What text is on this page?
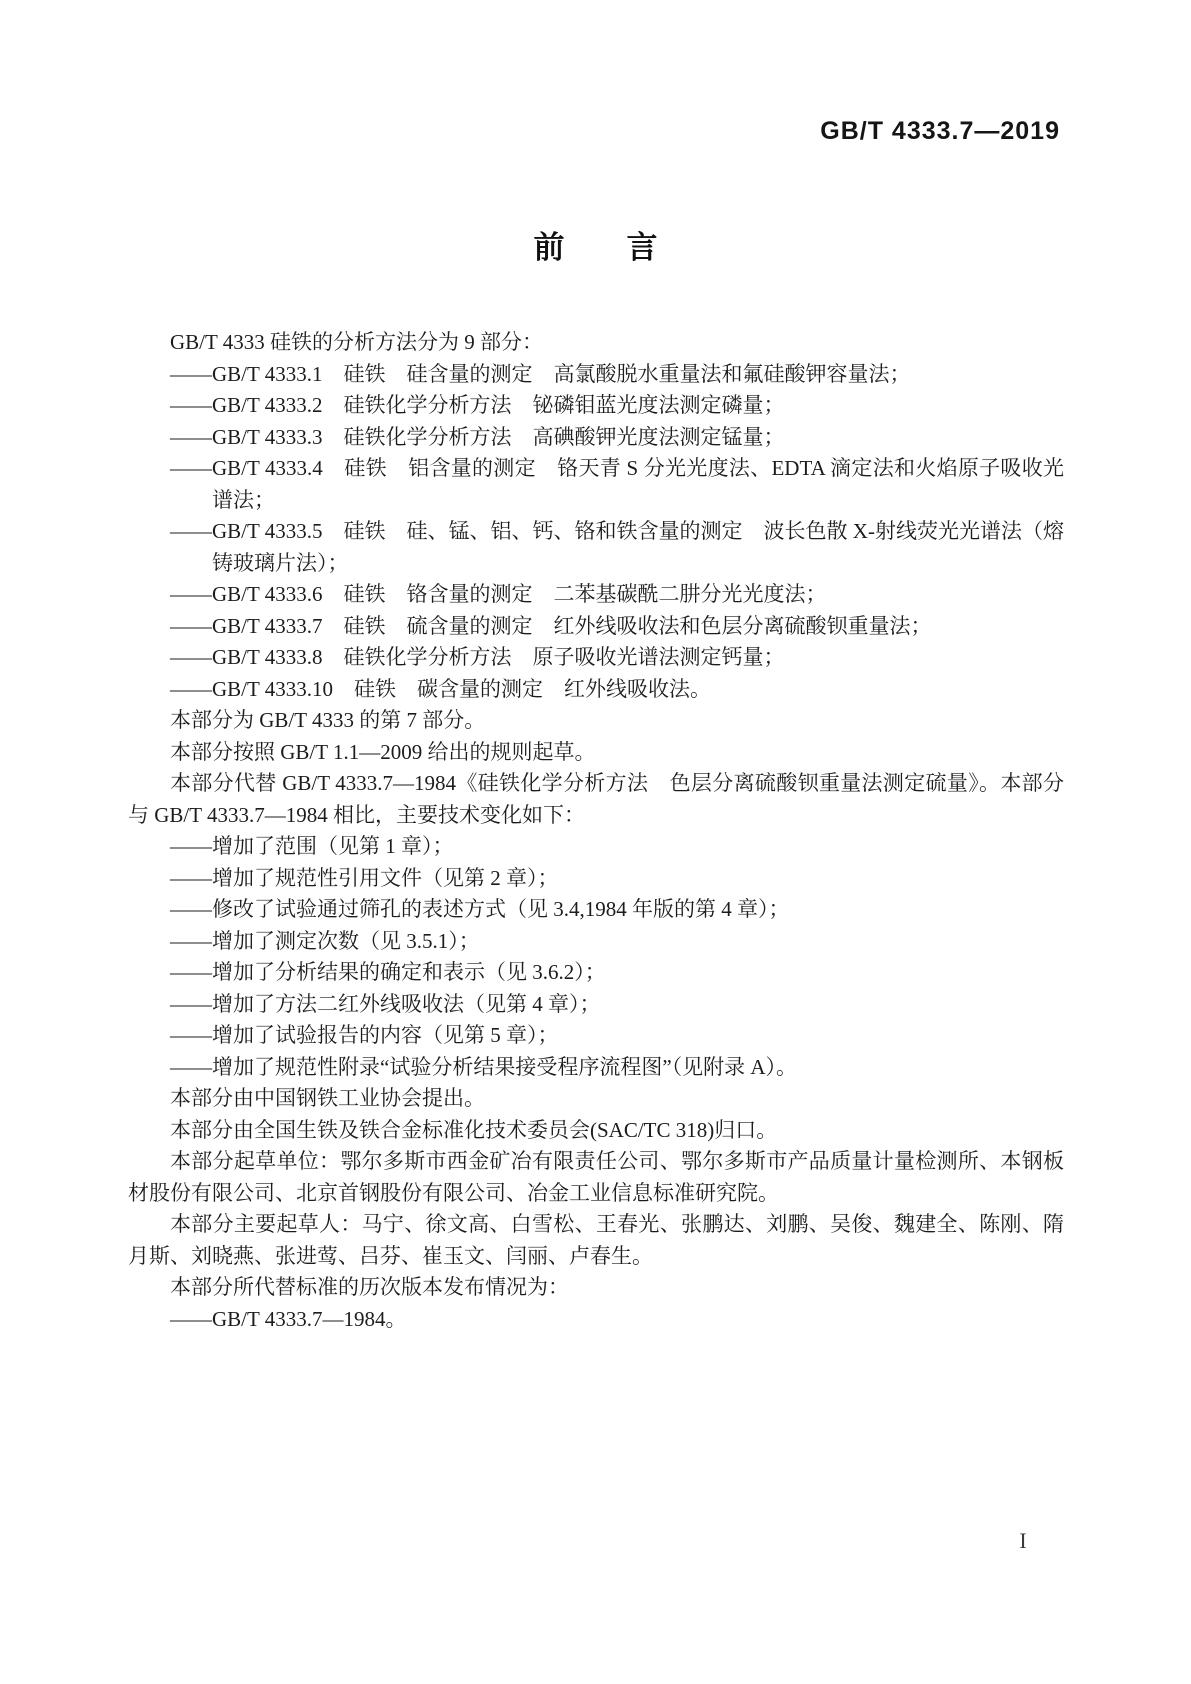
GB/T 4333.7—2019
前　　言

GB/T 4333 硅铁的分析方法分为 9 部分：

——GB/T 4333.1　硅铁　硅含量的测定　高氯酸脱水重量法和氟硅酸钾容量法；

——GB/T 4333.2　硅铁化学分析方法　铋磷钼蓝光度法测定磷量；

——GB/T 4333.3　硅铁化学分析方法　高碘酸钾光度法测定锰量；

——GB/T 4333.4　硅铁　铝含量的测定　铬天青 S 分光光度法、EDTA 滴定法和火焰原子吸收光谱法；

——GB/T 4333.5　硅铁　硅、锰、铝、钙、铬和铁含量的测定　波长色散 X-射线荧光光谱法（熔铸玻璃片法）；

——GB/T 4333.6　硅铁　铬含量的测定　二苯基碳酰二肼分光光度法；

——GB/T 4333.7　硅铁　硫含量的测定　红外线吸收法和色层分离硫酸钡重量法；

——GB/T 4333.8　硅铁化学分析方法　原子吸收光谱法测定钙量；

——GB/T 4333.10　硅铁　碳含量的测定　红外线吸收法。

本部分为 GB/T 4333 的第 7 部分。

本部分按照 GB/T 1.1—2009 给出的规则起草。

本部分代替 GB/T 4333.7—1984《硅铁化学分析方法　色层分离硫酸钡重量法测定硫量》。本部分与 GB/T 4333.7—1984 相比，主要技术变化如下：

——增加了范围（见第 1 章）；

——增加了规范性引用文件（见第 2 章）；

——修改了试验通过筛孔的表述方式（见 3.4,1984 年版的第 4 章）；

——增加了测定次数（见 3.5.1）；

——增加了分析结果的确定和表示（见 3.6.2）；

——增加了方法二红外线吸收法（见第 4 章）；

——增加了试验报告的内容（见第 5 章）；

——增加了规范性附录“试验分析结果接受程序流程图”（见附录 A）。

本部分由中国钢铁工业协会提出。

本部分由全国生铁及铁合金标准化技术委员会(SAC/TC 318)归口。

本部分起草单位：鄂尔多斯市西金矿冶有限责任公司、鄂尔多斯市产品质量计量检测所、本钢板材股份有限公司、北京首钢股份有限公司、冶金工业信息标准研究院。

本部分主要起草人：马宁、徐文高、白雪松、王春光、张鹏达、刘鹏、吴俊、魏建全、陈刚、隋月斯、刘晓燕、张进莺、吕芬、崔玉文、闫丽、卢春生。

本部分所代替标准的历次版本发布情况为：

——GB/T 4333.7—1984。

I
